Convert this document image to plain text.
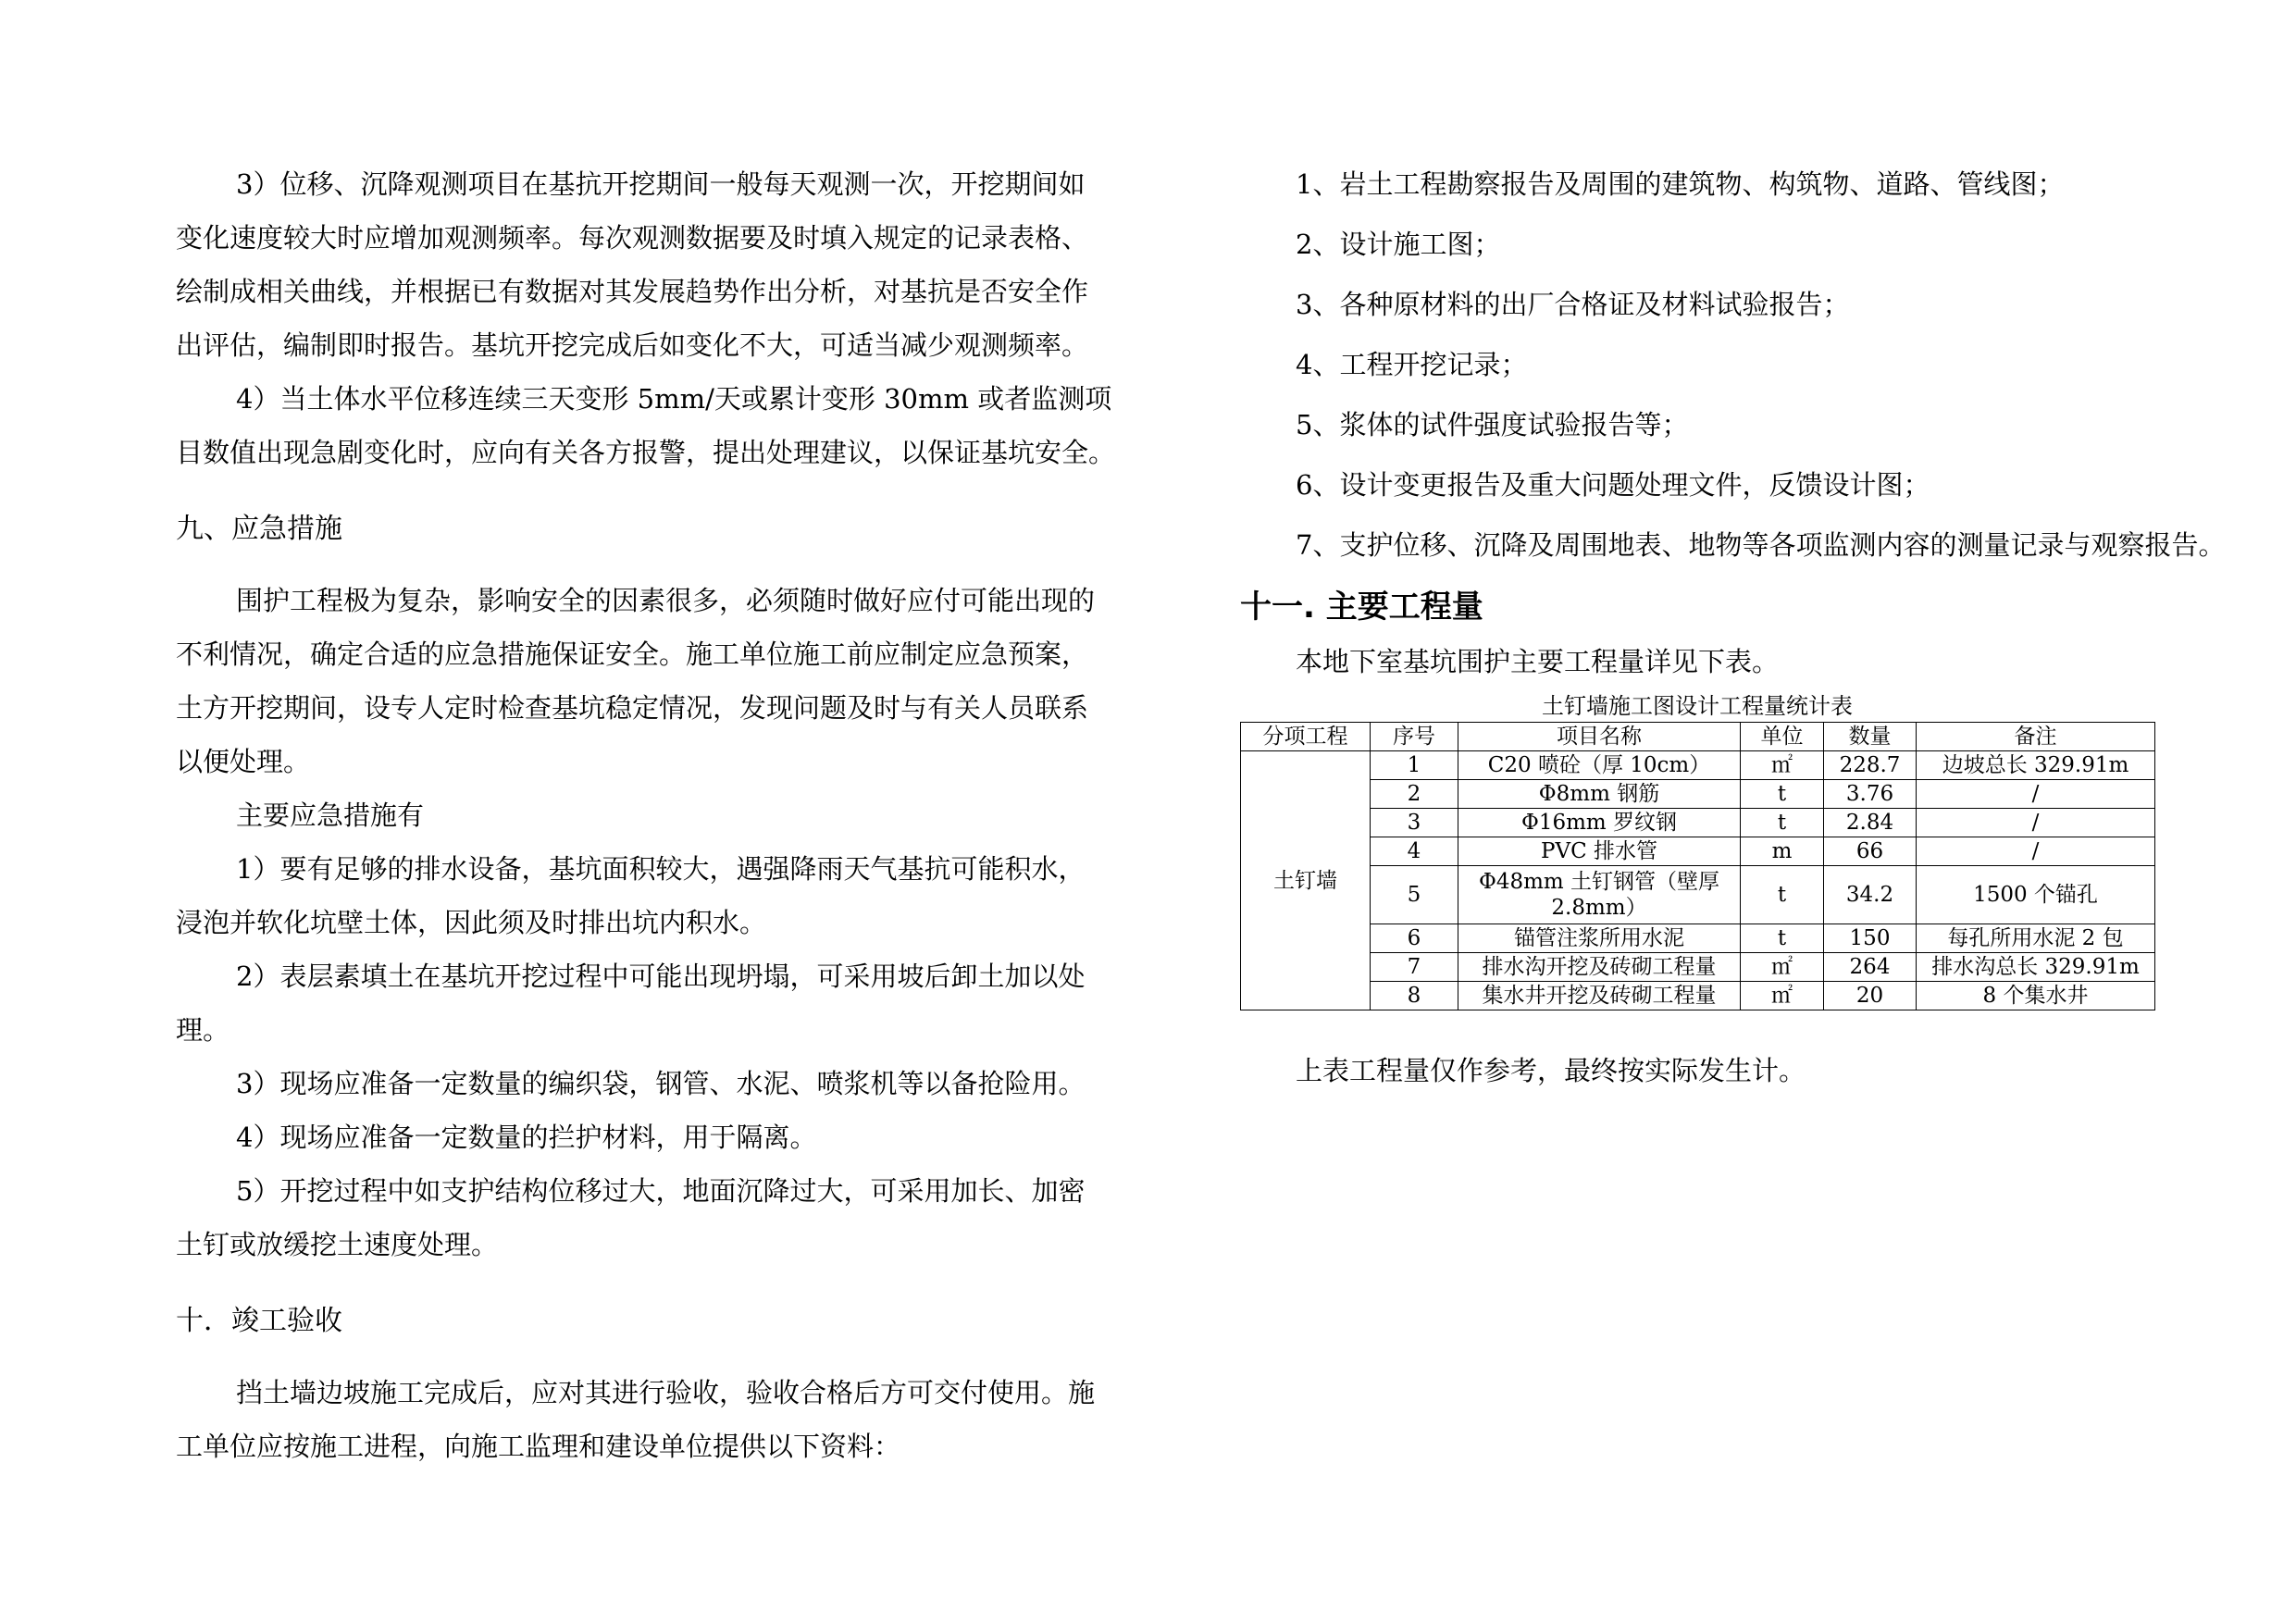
3）位移、沉降观测项目在基抗开挖期间一般每天观测一次，开挖期间如

变化速度较大时应增加观测频率。每次观测数据要及时填入规定的记录表格、

绘制成相关曲线，并根据已有数据对其发展趋势作出分析，对基抗是否安全作

出评估，编制即时报告。基坑开挖完成后如变化不大，可适当减少观测频率。

4）当土体水平位移连续三天变形 5mm/天或累计变形 30mm 或者监测项

目数值出现急剧变化时，应向有关各方报警，提出处理建议，以保证基坑安全。

九、应急措施

围护工程极为复杂，影响安全的因素很多，必须随时做好应付可能出现的

不利情况，确定合适的应急措施保证安全。施工单位施工前应制定应急预案，

土方开挖期间，设专人定时检查基坑稳定情况，发现问题及时与有关人员联系

以便处理。

主要应急措施有

1）要有足够的排水设备，基坑面积较大，遇强降雨天气基抗可能积水，

浸泡并软化坑壁土体，因此须及时排出坑内积水。

2）表层素填土在基坑开挖过程中可能出现坍塌，可采用坡后卸土加以处

理。

3）现场应准备一定数量的编织袋，钢管、水泥、喷浆机等以备抢险用。

4）现场应准备一定数量的拦护材料，用于隔离。

5）开挖过程中如支护结构位移过大，地面沉降过大，可采用加长、加密

土钉或放缓挖土速度处理。

十．竣工验收

挡土墙边坡施工完成后，应对其进行验收，验收合格后方可交付使用。施

工单位应按施工进程，向施工监理和建设单位提供以下资料：

1、岩土工程勘察报告及周围的建筑物、构筑物、道路、管线图；

2、设计施工图；

3、各种原材料的出厂合格证及材料试验报告；

4、工程开挖记录；

5、浆体的试件强度试验报告等；

6、设计变更报告及重大问题处理文件，反馈设计图；

7、支护位移、沉降及周围地表、地物等各项监测内容的测量记录与观察报告。

十一. 主要工程量

本地下室基坑围护主要工程量详见下表。

土钉墙施工图设计工程量统计表
分项工程	序号	项目名称	单位	数量	备注
土钉墙	1	C20 喷砼（厚 10cm）	㎡	228.7	边坡总长 329.91m
	2	Φ8mm 钢筋	t	3.76	/
	3	Φ16mm 罗纹钢	t	2.84	/
	4	PVC 排水管	m	66	/
	5	Φ48mm 土钉钢管（壁厚 2.8mm）	t	34.2	1500 个锚孔
	6	锚管注浆所用水泥	t	150	每孔所用水泥 2 包
	7	排水沟开挖及砖砌工程量	㎡	264	排水沟总长 329.91m
	8	集水井开挖及砖砌工程量	㎡	20	8 个集水井

上表工程量仅作参考，最终按实际发生计。
